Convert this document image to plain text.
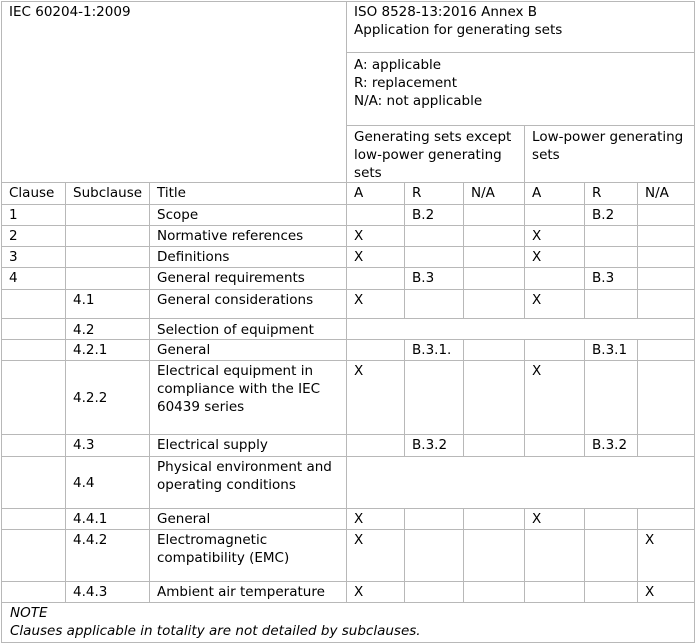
IEC 60204-1:2009			ISO 8528-13:2016 Annex B
Application for generating sets					

			A: applicable
R: replacement
N/A: not applicable					

			Generating sets except low-power generating sets			Low-power generating sets		
Clause	Subclause	Title	A	R	N/A	A	R	N/A
1		Scope		B.2			B.2	
2		Normative references	X			X		
3		Definitions	X			X		
4		General requirements		B.3			B.3	
	4.1	General considerations	X			X		
	4.2	Selection of equipment						
	4.2.1	General		B.3.1.			B.3.1	
	4.2.2	Electrical equipment in compliance with the IEC 60439 series	X			X		
	4.3	Electrical supply		B.3.2			B.3.2	
	4.4	Physical environment and operating conditions						
	4.4.1	General	X			X		
	4.4.2	Electromagnetic compatibility (EMC)	X					X
	4.4.3	Ambient air temperature	X					X

NOTE
Clauses applicable in totality are not detailed by subclauses.								
